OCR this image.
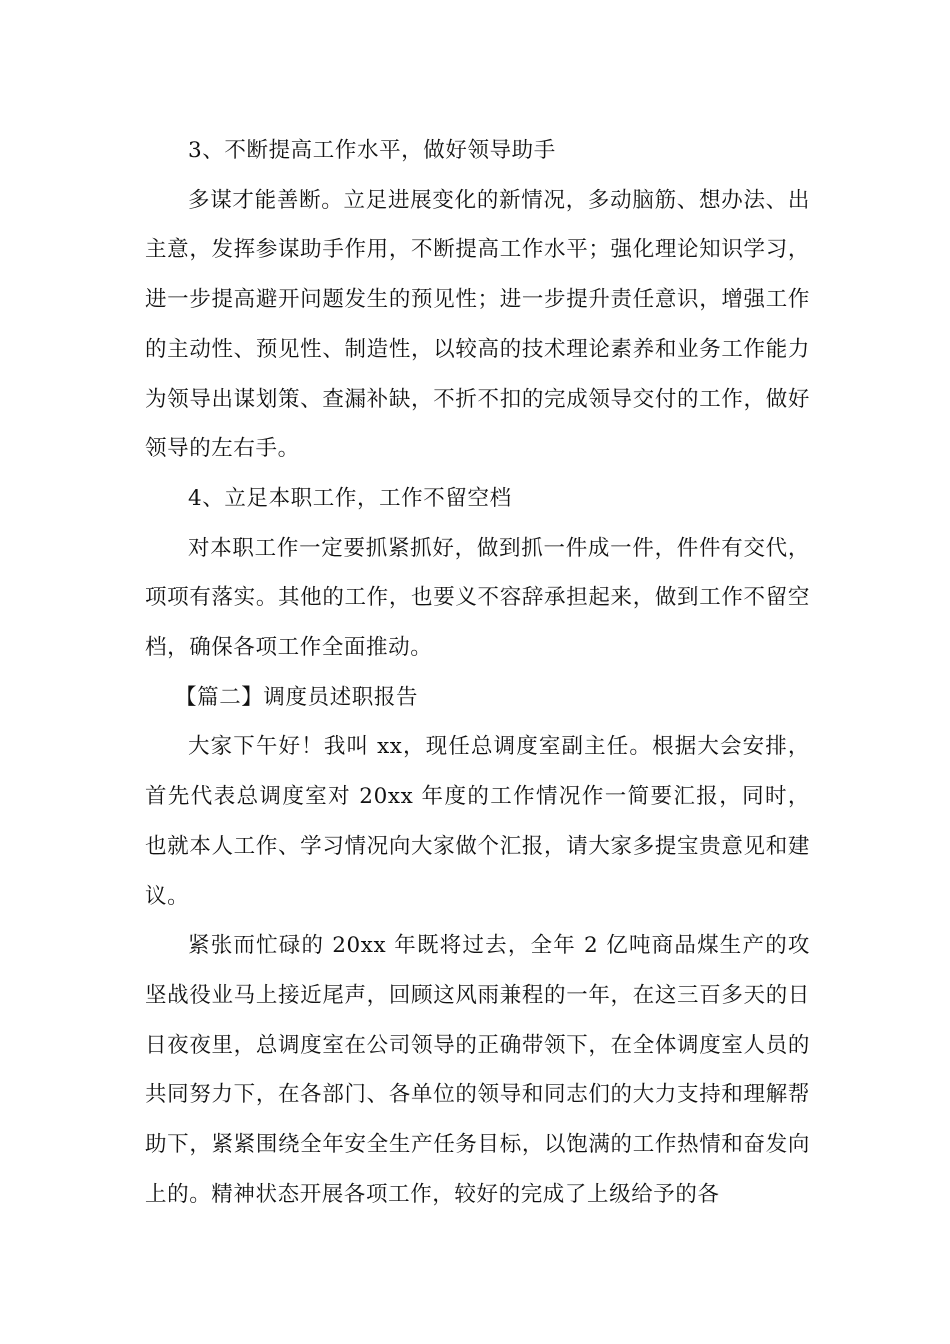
3、不断提高工作水平，做好领导助手

多谋才能善断。立足进展变化的新情况，多动脑筋、想办法、出主意，发挥参谋助手作用，不断提高工作水平；强化理论知识学习，进一步提高避开问题发生的预见性；进一步提升责任意识，增强工作的主动性、预见性、制造性，以较高的技术理论素养和业务工作能力为领导出谋划策、查漏补缺，不折不扣的完成领导交付的工作，做好领导的左右手。

4、立足本职工作，工作不留空档

对本职工作一定要抓紧抓好，做到抓一件成一件，件件有交代，项项有落实。其他的工作，也要义不容辞承担起来，做到工作不留空档，确保各项工作全面推动。

【篇二】调度员述职报告

大家下午好！我叫 xx，现任总调度室副主任。根据大会安排，首先代表总调度室对 20xx 年度的工作情况作一简要汇报，同时，也就本人工作、学习情况向大家做个汇报，请大家多提宝贵意见和建议。

紧张而忙碌的 20xx 年既将过去，全年 2 亿吨商品煤生产的攻坚战役业马上接近尾声，回顾这风雨兼程的一年，在这三百多天的日日夜夜里，总调度室在公司领导的正确带领下，在全体调度室人员的共同努力下，在各部门、各单位的领导和同志们的大力支持和理解帮助下，紧紧围绕全年安全生产任务目标，以饱满的工作热情和奋发向上的。精神状态开展各项工作，较好的完成了上级给予的各
